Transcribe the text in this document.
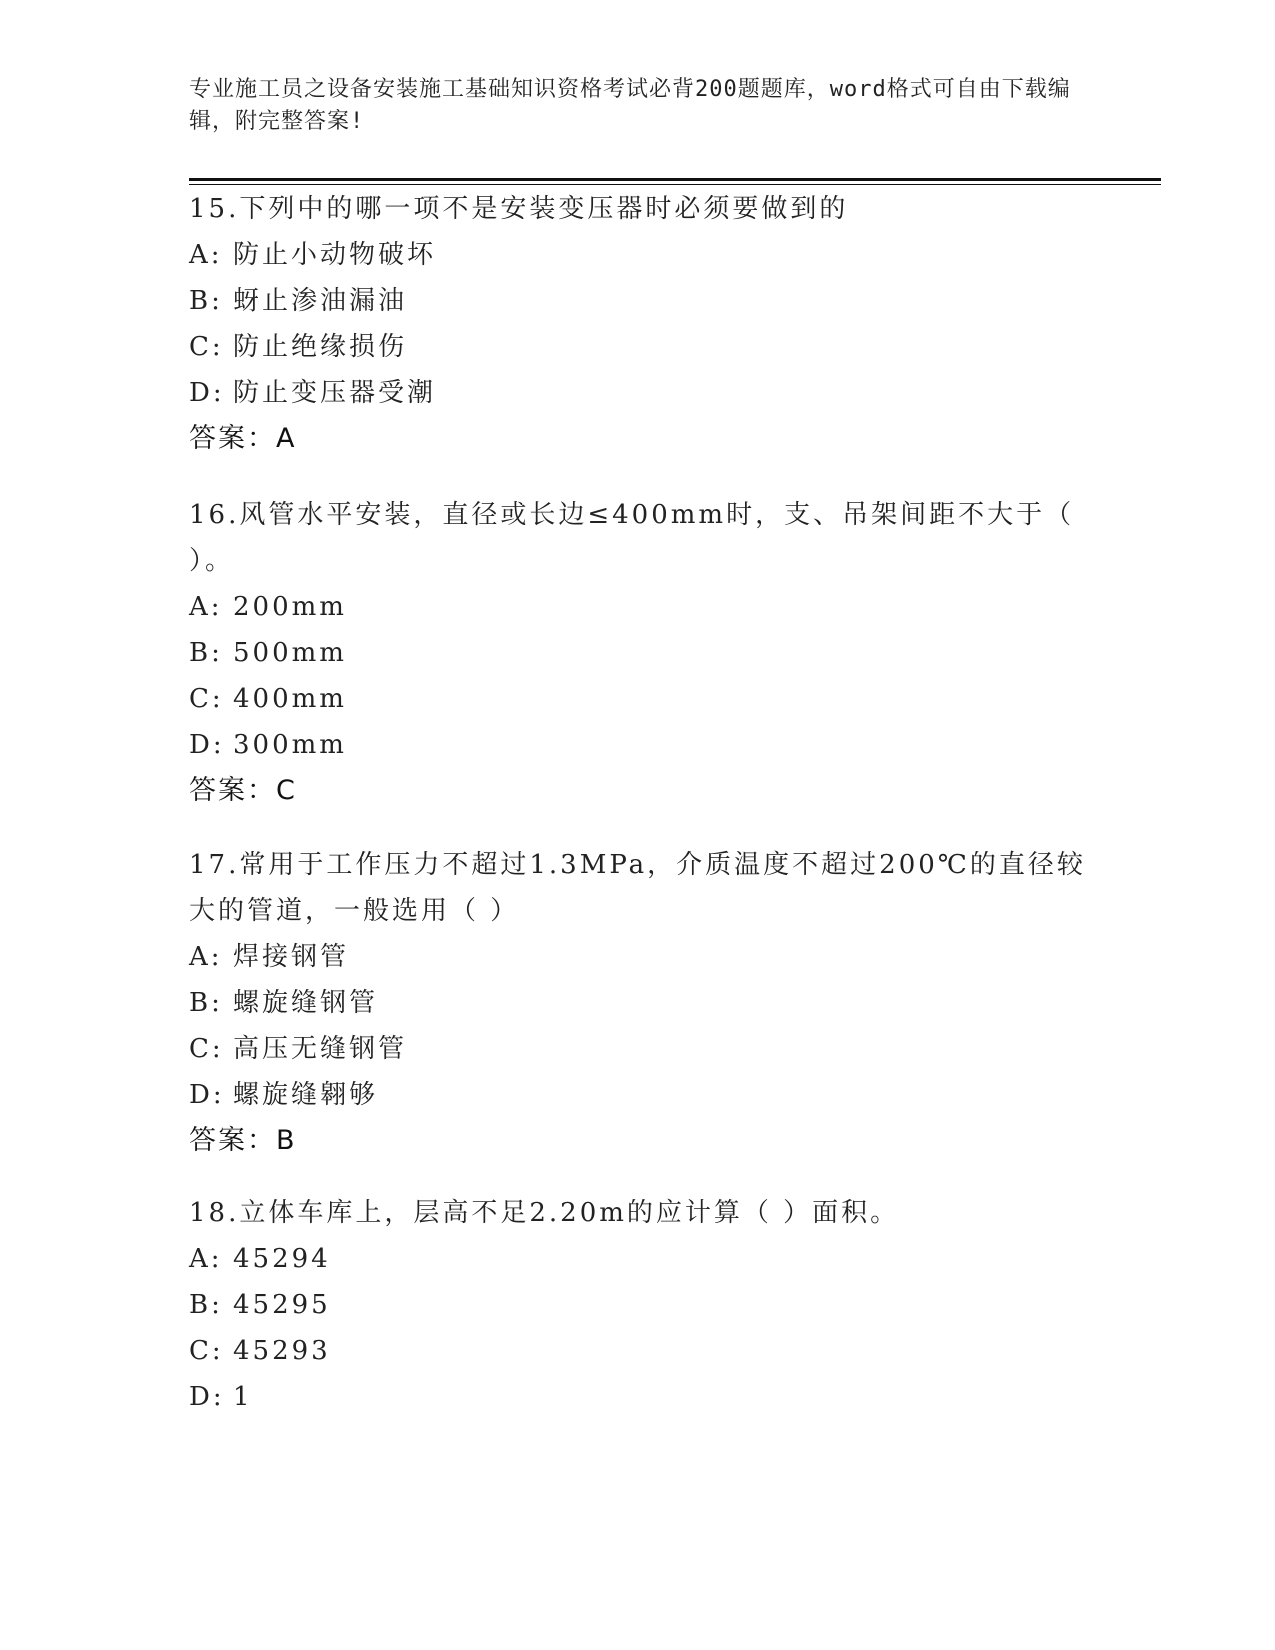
专业施工员之设备安装施工基础知识资格考试必背200题题库，word格式可自由下载编辑，附完整答案!
15.下列中的哪一项不是安装变压器时必须要做到的
A: 防止小动物破坏
B: 蚜止渗油漏油
C: 防止绝缘损伤
D: 防止变压器受潮
答案：A
16.风管水平安装，直径或长边≤400mm时，支、吊架间距不大于（ ）。
A: 200mm
B: 500mm
C: 400mm
D: 300mm
答案：C
17.常用于工作压力不超过1.3MPa，介质温度不超过200℃的直径较大的管道，一般选用（ ）
A: 焊接钢管
B: 螺旋缝钢管
C: 高压无缝钢管
D: 螺旋缝翱够
答案：B
18.立体车库上，层高不足2.20m的应计算（ ）面积。
A: 45294
B: 45295
C: 45293
D: 1
